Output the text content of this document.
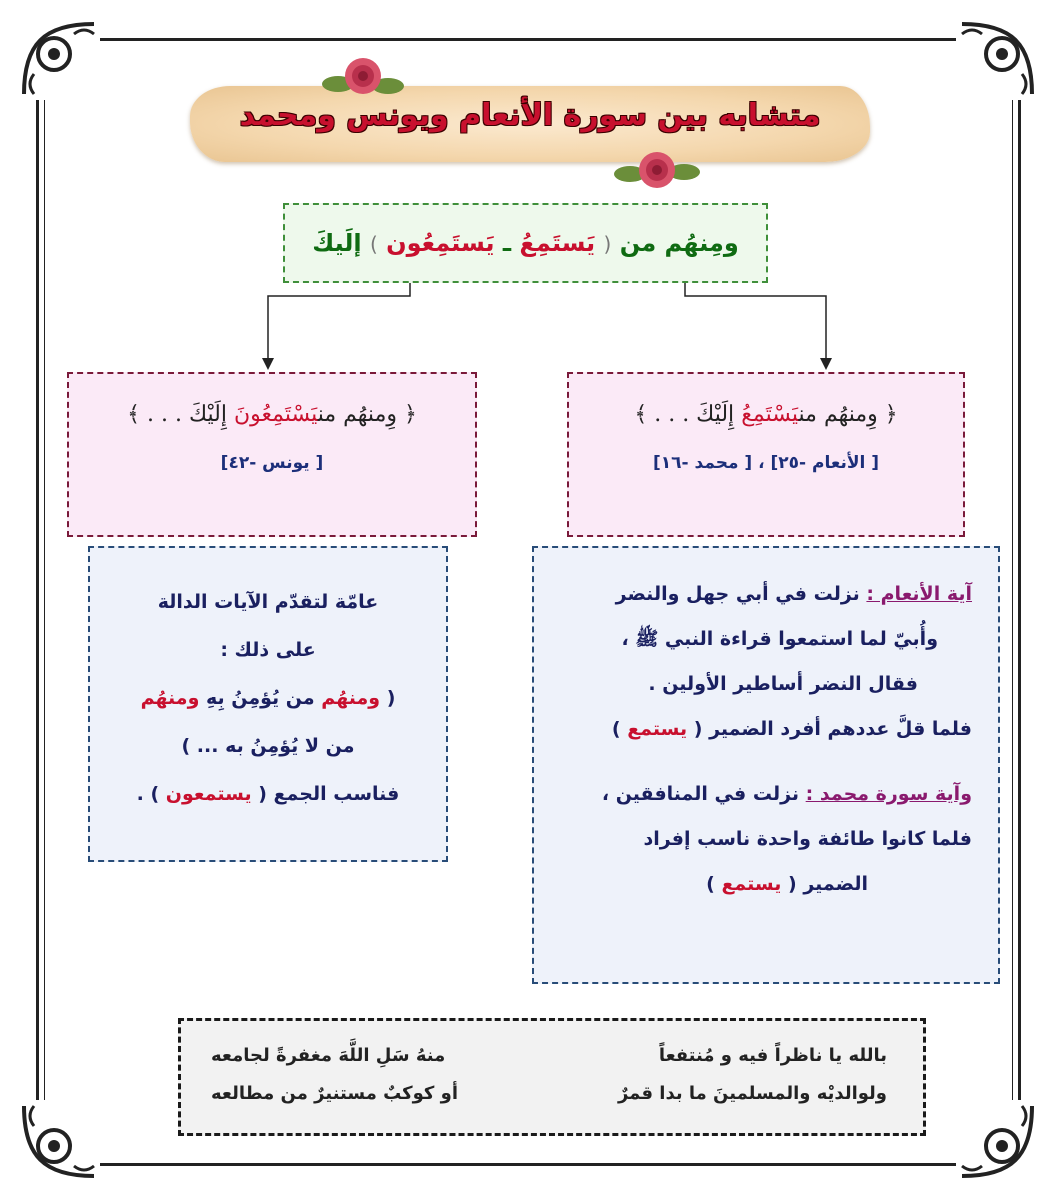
متشابه بين سورة الأنعام ويونس ومحمد
ومِنهُم من ( يَستَمِعُ ـ يَستَمِعُون ) إلَيكَ
﴿ وِمنهُم منيَسْتَمِعُونَ إِلَيْكَ . . . ﴾
[ يونس -٤٢]
﴿ وِمنهُم منيَسْتَمِعُ إِلَيْكَ . . . ﴾
[ الأنعام -٢٥] ، [ محمد -١٦]

عامّة لتقدّم الآيات الدالة

على ذلك :

( ومنهُم من يُؤمِنُ بِهِ ومنهُم

من لا يُؤمِنُ به ... )

فناسب الجمع ( يستمعون ) .

آية الأنعام : نزلت في أبي جهل والنضر

وأُبيّ لما استمعوا قراءة النبي ﷺ ،

فقال النضر أساطير الأولين .

فلما قلَّ عددهم أفرد الضمير ( يستمع )

وآية سورة محمد : نزلت في المنافقين ،

فلما كانوا طائفة واحدة ناسب إفراد

الضمير ( يستمع )

بالله يا ناظراً فيه و مُنتفعاً
منهُ سَلِ اللَّهَ مغفرةً لجامعه
ولوالديْه والمسلمينَ ما بدا قمرٌ
أو كوكبٌ مستنيرٌ من مطالعه
